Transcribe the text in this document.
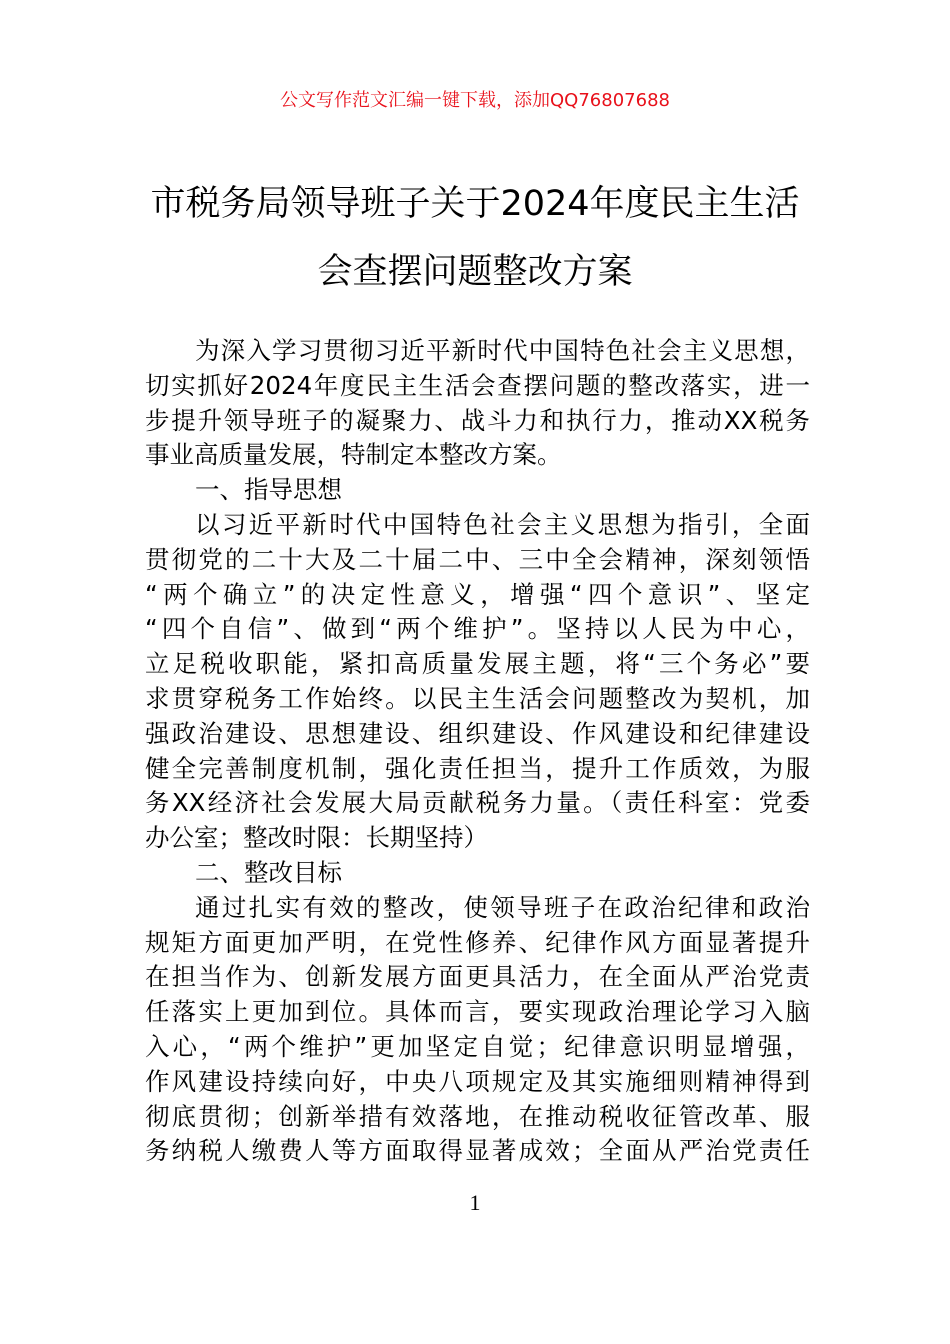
公文写作范文汇编一键下载，添加QQ76807688
市税务局领导班子关于2024年度民主生活
会查摆问题整改方案
为深入学习贯彻习近平新时代中国特色社会主义思想，
切实抓好2024年度民主生活会查摆问题的整改落实，进一
步提升领导班子的凝聚力、战斗力和执行力，推动XX税务
事业高质量发展，特制定本整改方案。
一、指导思想
以习近平新时代中国特色社会主义思想为指引，全面
贯彻党的二十大及二十届二中、三中全会精神，深刻领悟
“两个确立”的决定性意义，增强“四个意识”、坚定
“四个自信”、做到“两个维护”。坚持以人民为中心，
立足税收职能，紧扣高质量发展主题，将“三个务必”要
求贯穿税务工作始终。以民主生活会问题整改为契机，加
强政治建设、思想建设、组织建设、作风建设和纪律建设
健全完善制度机制，强化责任担当，提升工作质效，为服
务XX经济社会发展大局贡献税务力量。（责任科室：党委
办公室；整改时限：长期坚持）
二、整改目标
通过扎实有效的整改，使领导班子在政治纪律和政治
规矩方面更加严明，在党性修养、纪律作风方面显著提升
在担当作为、创新发展方面更具活力，在全面从严治党责
任落实上更加到位。具体而言，要实现政治理论学习入脑
入心，“两个维护”更加坚定自觉；纪律意识明显增强，
作风建设持续向好，中央八项规定及其实施细则精神得到
彻底贯彻；创新举措有效落地，在推动税收征管改革、服
务纳税人缴费人等方面取得显著成效；全面从严治党责任
1
